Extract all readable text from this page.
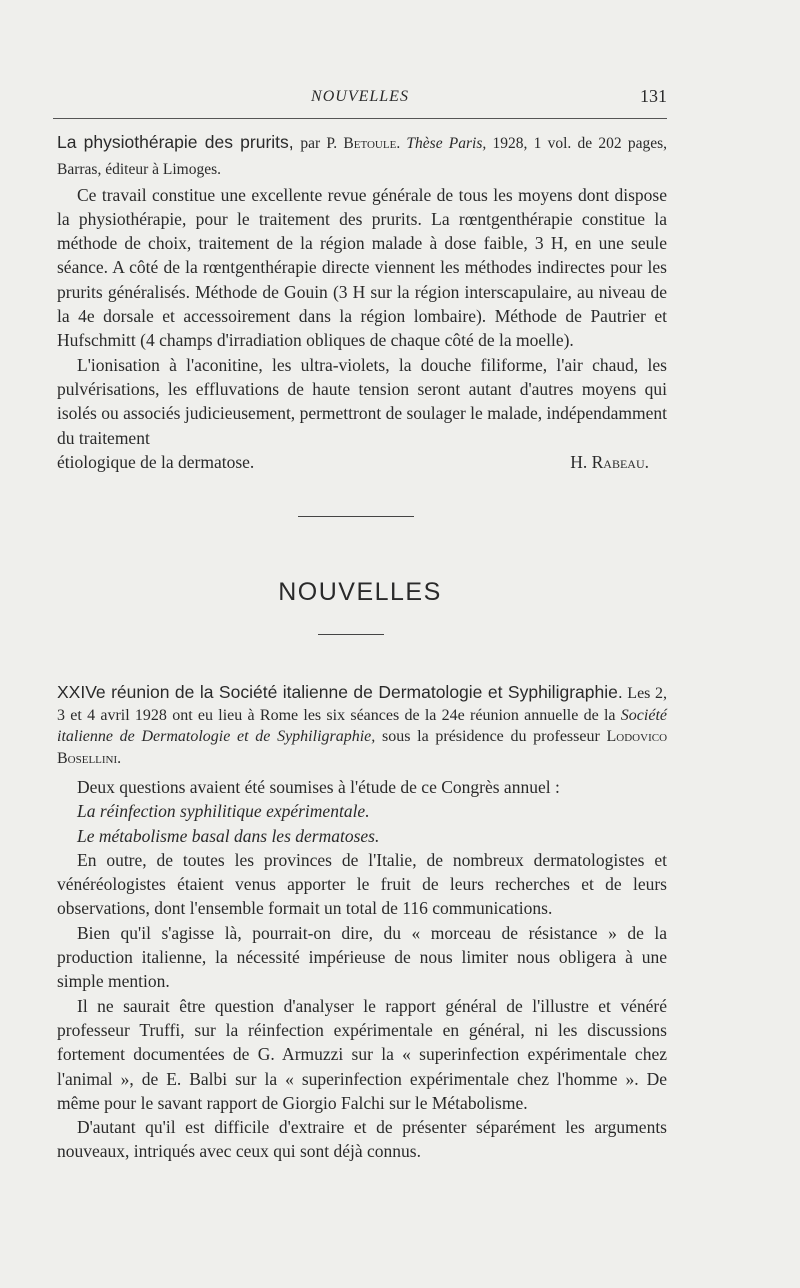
NOUVELLES	131

La physiothérapie des prurits, par P. Betoule. Thèse Paris, 1928, 1 vol. de 202 pages, Barras, éditeur à Limoges.

Ce travail constitue une excellente revue générale de tous les moyens dont dispose la physiothérapie, pour le traitement des prurits. La rœntgenthérapie constitue la méthode de choix, traitement de la région malade à dose faible, 3 H, en une seule séance. A côté de la rœntgenthérapie directe viennent les méthodes indirectes pour les prurits généralisés. Méthode de Gouin (3 H sur la région interscapulaire, au niveau de la 4e dorsale et accessoirement dans la région lombaire). Méthode de Pautrier et Hufschmitt (4 champs d'irradiation obliques de chaque côté de la moelle).

L'ionisation à l'aconitine, les ultra-violets, la douche filiforme, l'air chaud, les pulvérisations, les effluvations de haute tension seront autant d'autres moyens qui isolés ou associés judicieusement, permettront de soulager le malade, indépendamment du traitement

étiologique de la dermatose.	H. Rabeau.

NOUVELLES

XXIVe réunion de la Société italienne de Dermatologie et Syphiligraphie. Les 2, 3 et 4 avril 1928 ont eu lieu à Rome les six séances de la 24e réunion annuelle de la Société italienne de Dermatologie et de Syphiligraphie, sous la présidence du professeur Lodovico Bosellini.

Deux questions avaient été soumises à l'étude de ce Congrès annuel :

La réinfection syphilitique expérimentale.

Le métabolisme basal dans les dermatoses.

En outre, de toutes les provinces de l'Italie, de nombreux dermatologistes et vénéréologistes étaient venus apporter le fruit de leurs recherches et de leurs observations, dont l'ensemble formait un total de 116 communications.

Bien qu'il s'agisse là, pourrait-on dire, du « morceau de résistance » de la production italienne, la nécessité impérieuse de nous limiter nous obligera à une simple mention.

Il ne saurait être question d'analyser le rapport général de l'illustre et vénéré professeur Truffi, sur la réinfection expérimentale en général, ni les discussions fortement documentées de G. Armuzzi sur la « superinfection expérimentale chez l'animal », de E. Balbi sur la « superinfection expérimentale chez l'homme ». De même pour le savant rapport de Giorgio Falchi sur le Métabolisme.

D'autant qu'il est difficile d'extraire et de présenter séparément les arguments nouveaux, intriqués avec ceux qui sont déjà connus.
